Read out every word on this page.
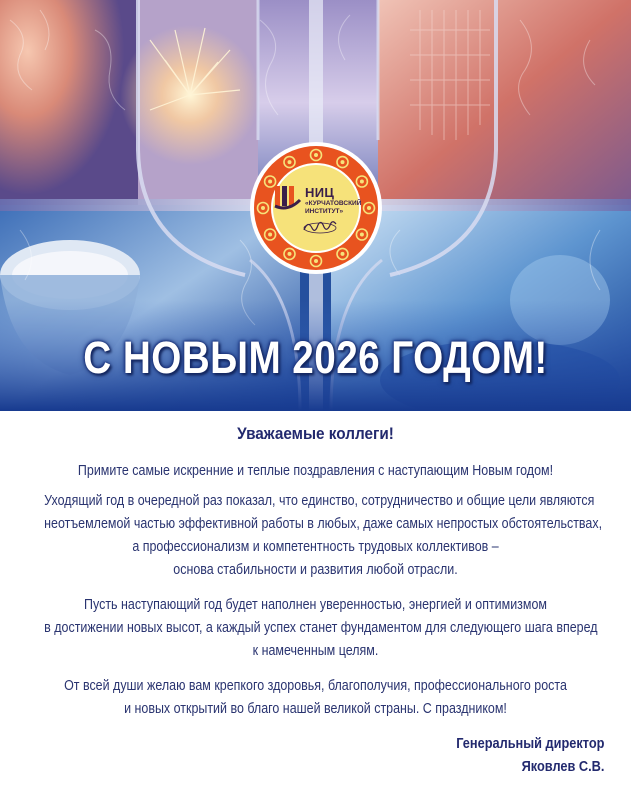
НИЦ
«КУРЧАТОВСКИЙ ИНСТИТУТ»
С НОВЫМ 2026 ГОДОМ!
Уважаемые коллеги!

Примите самые искренние и теплые поздравления с наступающим Новым годом!

Уходящий год в очередной раз показал, что единство, сотрудничество и общие цели являются
неотъемлемой частью эффективной работы в любых, даже самых непростых обстоятельствах,
а профессионализм и компетентность трудовых коллективов –
основа стабильности и развития любой отрасли.

Пусть наступающий год будет наполнен уверенностью, энергией и оптимизмом
в достижении новых высот, а каждый успех станет фундаментом для следующего шага вперед
к намеченным целям.

От всей души желаю вам крепкого здоровья, благополучия, профессионального роста
и новых открытий во благо нашей великой страны. С праздником!

Генеральный директор
Яковлев С.В.
